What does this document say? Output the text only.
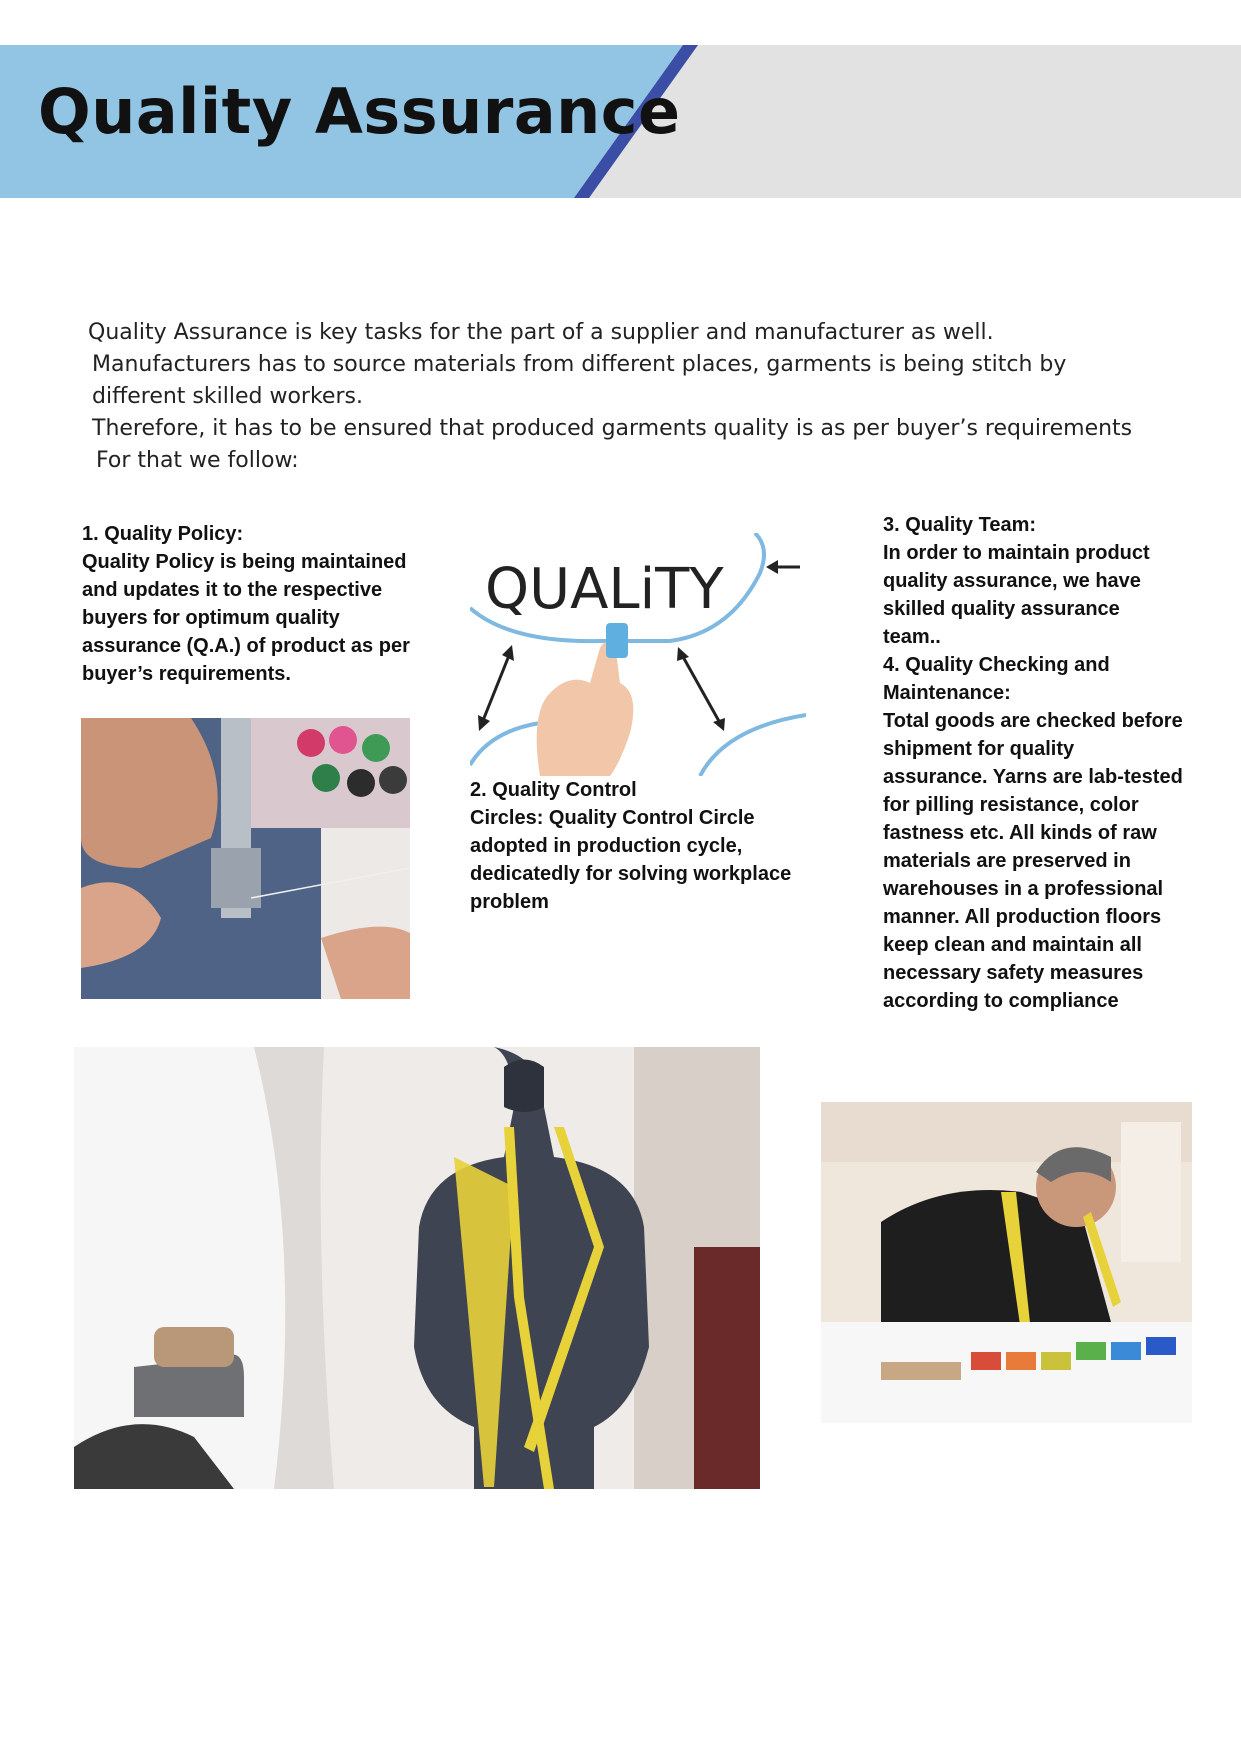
Quality Assurance

Quality Assurance is key tasks for the part of a supplier and manufacturer as well.

Manufacturers has to source materials from different places, garments is being stitch by

different skilled workers.

Therefore, it has to be ensured that produced garments quality is as per buyer’s requirements

For that we follow:

1. Quality Policy:
Quality Policy is being maintained and updates it to the respective buyers for optimum quality assurance (Q.A.) of product as per buyer’s requirements.
QUALiTY
2. Quality Control
Circles: Quality Control Circle adopted in production cycle, dedicatedly for solving workplace problem
3. Quality Team:
In order to maintain product quality assurance, we have skilled quality assurance team..
4. Quality Checking and Maintenance:
Total goods are checked before shipment for quality assurance. Yarns are lab-tested for pilling resistance, color fastness etc. All kinds of raw materials are preserved in warehouses in a professional manner. All production floors keep clean and maintain all necessary safety measures according to compliance
